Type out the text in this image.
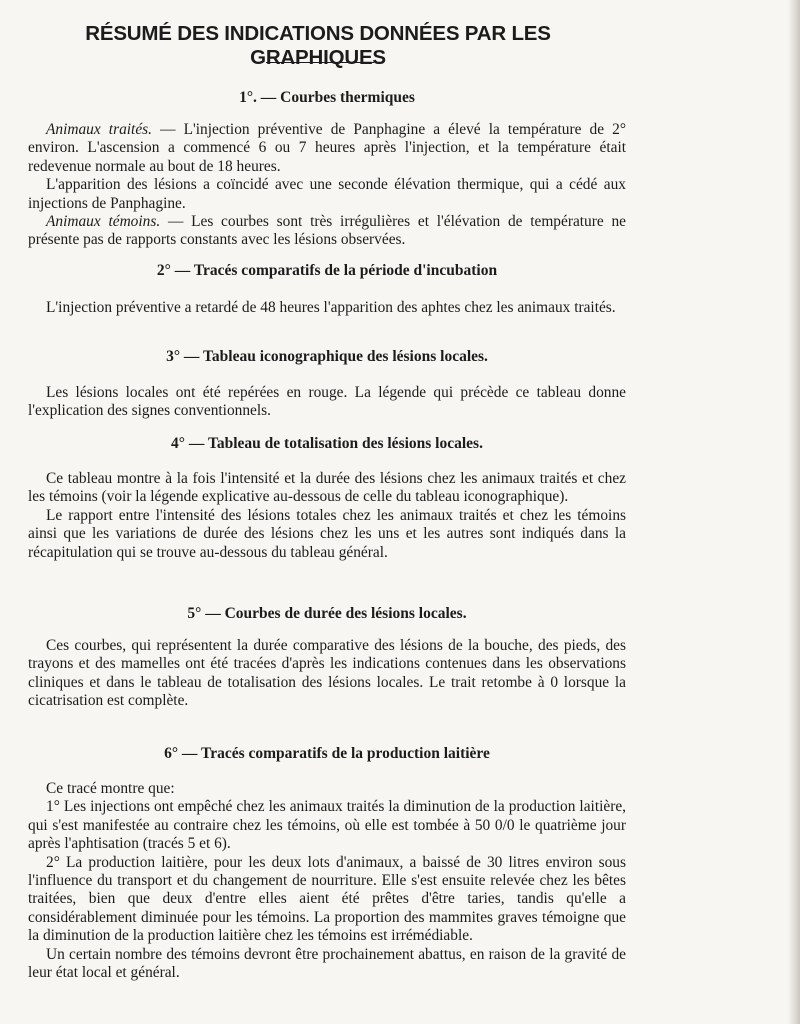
RÉSUMÉ DES INDICATIONS DONNÉES PAR LES GRAPHIQUES
1°. — Courbes thermiques

Animaux traités. — L'injection préventive de Panphagine a élevé la température de 2° environ. L'ascension a commencé 6 ou 7 heures après l'injection, et la température était redevenue normale au bout de 18 heures.

L'apparition des lésions a coïncidé avec une seconde élévation thermique, qui a cédé aux injections de Panphagine.

Animaux témoins. — Les courbes sont très irrégulières et l'élévation de température ne présente pas de rapports constants avec les lésions observées.

2° — Tracés comparatifs de la période d'incubation

L'injection préventive a retardé de 48 heures l'apparition des aphtes chez les animaux traités.

3° — Tableau iconographique des lésions locales.

Les lésions locales ont été repérées en rouge. La légende qui précède ce tableau donne l'explication des signes conventionnels.

4° — Tableau de totalisation des lésions locales.

Ce tableau montre à la fois l'intensité et la durée des lésions chez les animaux traités et chez les témoins (voir la légende explicative au-dessous de celle du tableau iconographique).

Le rapport entre l'intensité des lésions totales chez les animaux traités et chez les témoins ainsi que les variations de durée des lésions chez les uns et les autres sont indiqués dans la récapitulation qui se trouve au-dessous du tableau général.

5° — Courbes de durée des lésions locales.

Ces courbes, qui représentent la durée comparative des lésions de la bouche, des pieds, des trayons et des mamelles ont été tracées d'après les indications contenues dans les observations cliniques et dans le tableau de totalisation des lésions locales. Le trait retombe à 0 lorsque la cicatrisation est complète.

6° — Tracés comparatifs de la production laitière

Ce tracé montre que:

1° Les injections ont empêché chez les animaux traités la diminution de la production laitière, qui s'est manifestée au contraire chez les témoins, où elle est tombée à 50 0/0 le quatrième jour après l'aphtisation (tracés 5 et 6).

2° La production laitière, pour les deux lots d'animaux, a baissé de 30 litres environ sous l'influence du transport et du changement de nourriture. Elle s'est ensuite relevée chez les bêtes traitées, bien que deux d'entre elles aient été prêtes d'être taries, tandis qu'elle a considérablement diminuée pour les témoins. La proportion des mammites graves témoigne que la diminution de la production laitière chez les témoins est irrémédiable.

Un certain nombre des témoins devront être prochainement abattus, en raison de la gravité de leur état local et général.
